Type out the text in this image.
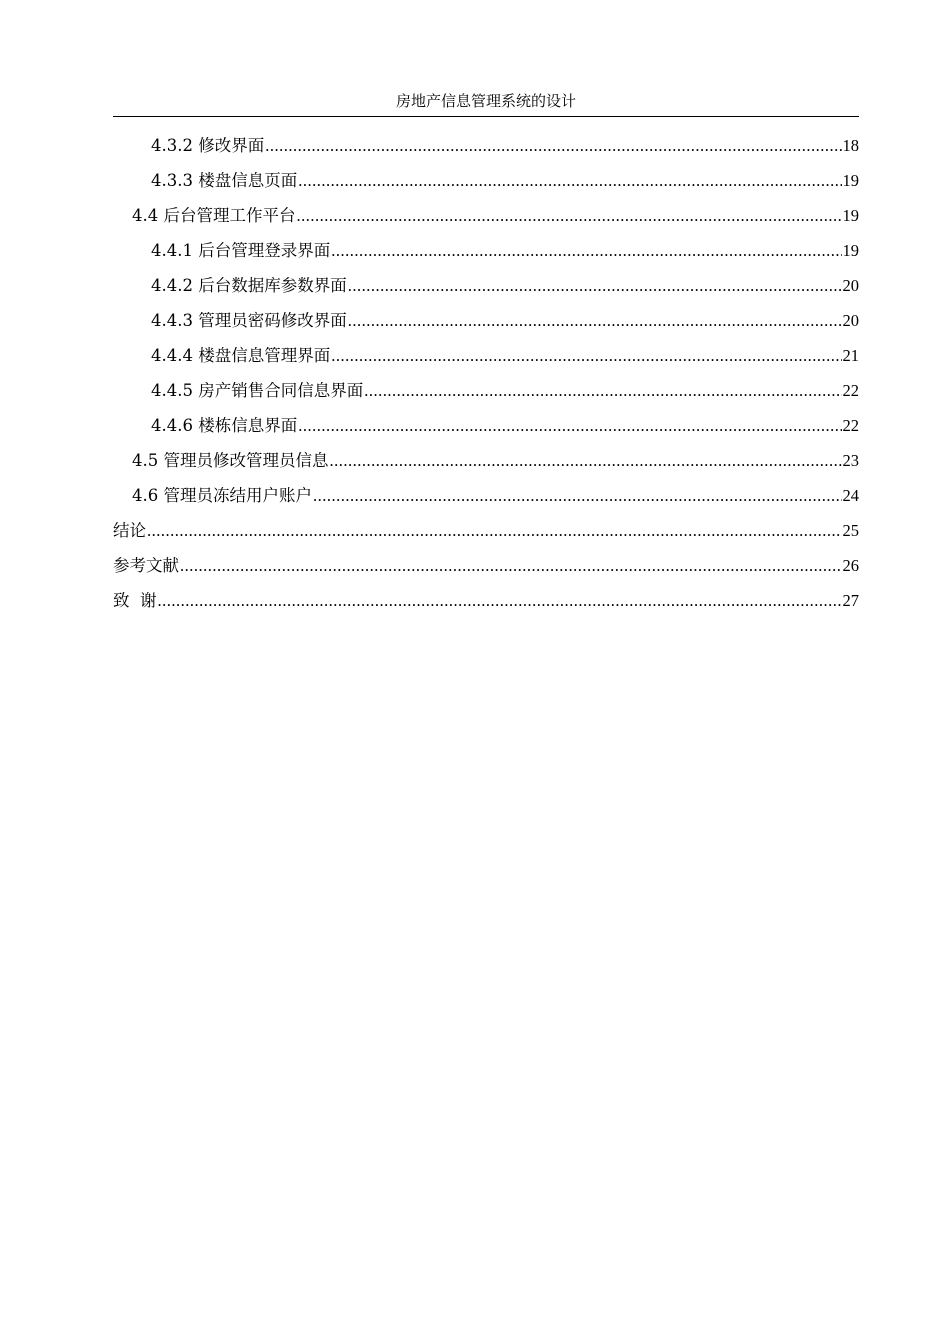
房地产信息管理系统的设计
4.3.2 修改界面 .....	18
4.3.3 楼盘信息页面 .....	19
4.4 后台管理工作平台 .....	19
4.4.1 后台管理登录界面 .....	19
4.4.2 后台数据库参数界面 .....	20
4.4.3 管理员密码修改界面 .....	20
4.4.4 楼盘信息管理界面 .....	21
4.4.5 房产销售合同信息界面 .....	22
4.4.6 楼栋信息界面 .....	22
4.5 管理员修改管理员信息 .....	23
4.6 管理员冻结用户账户 .....	24
结论 .....	25
参考文献 .....	26
致  谢 .....	27
